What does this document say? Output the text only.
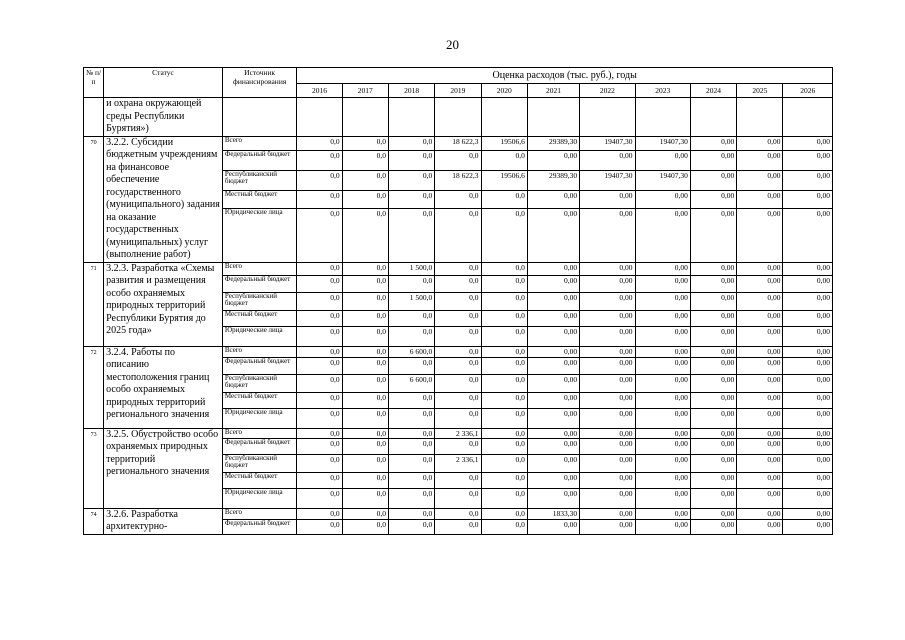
20
№ п/п	Статус	Источник финансирования	Оценка расходов (тыс. руб.), годы										
			2016	2017	2018	2019	2020	2021	2022	2023	2024	2025	2026
	и охрана окружающей среды Республики Бурятия»)												
70	3.2.2. Субсидии бюджетным учреждениям на финансовое обеспечение государственного (муниципального) задания на оказание государственных (муниципальных) услуг (выполнение работ)	Всего	0,0	0,0	0,0	18 622,3	19506,6	29389,30	19407,30	19407,30	0,00	0,00	0,00
		Федеральный бюджет	0,0	0,0	0,0	0,0	0,0	0,00	0,00	0,00	0,00	0,00	0,00
		Республиканский бюджет	0,0	0,0	0,0	18 622,3	19506,6	29389,30	19407,30	19407,30	0,00	0,00	0,00
		Местный бюджет	0,0	0,0	0,0	0,0	0,0	0,00	0,00	0,00	0,00	0,00	0,00
		Юридические лица	0,0	0,0	0,0	0,0	0,0	0,00	0,00	0,00	0,00	0,00	0,00
71	3.2.3. Разработка «Схемы развития и размещения особо охраняемых природных территорий Республики Бурятия до 2025 года»	Всего	0,0	0,0	1 500,0	0,0	0,0	0,00	0,00	0,00	0,00	0,00	0,00
		Федеральный бюджет	0,0	0,0	0,0	0,0	0,0	0,00	0,00	0,00	0,00	0,00	0,00
		Республиканский бюджет	0,0	0,0	1 500,0	0,0	0,0	0,00	0,00	0,00	0,00	0,00	0,00
		Местный бюджет	0,0	0,0	0,0	0,0	0,0	0,00	0,00	0,00	0,00	0,00	0,00
		Юридические лица	0,0	0,0	0,0	0,0	0,0	0,00	0,00	0,00	0,00	0,00	0,00
72	3.2.4. Работы по описанию местоположения границ особо охраняемых природных территорий регионального значения	Всего	0,0	0,0	6 600,0	0,0	0,0	0,00	0,00	0,00	0,00	0,00	0,00
		Федеральный бюджет	0,0	0,0	0,0	0,0	0,0	0,00	0,00	0,00	0,00	0,00	0,00
		Республиканский бюджет	0,0	0,0	6 600,0	0,0	0,0	0,00	0,00	0,00	0,00	0,00	0,00
		Местный бюджет	0,0	0,0	0,0	0,0	0,0	0,00	0,00	0,00	0,00	0,00	0,00
		Юридические лица	0,0	0,0	0,0	0,0	0,0	0,00	0,00	0,00	0,00	0,00	0,00
73	3.2.5. Обустройство особо охраняемых природных территорий регионального значения	Всего	0,0	0,0	0,0	2 336,1	0,0	0,00	0,00	0,00	0,00	0,00	0,00
		Федеральный бюджет	0,0	0,0	0,0	0,0	0,0	0,00	0,00	0,00	0,00	0,00	0,00
		Республиканский бюджет	0,0	0,0	0,0	2 336,1	0,0	0,00	0,00	0,00	0,00	0,00	0,00
		Местный бюджет	0,0	0,0	0,0	0,0	0,0	0,00	0,00	0,00	0,00	0,00	0,00
		Юридические лица	0,0	0,0	0,0	0,0	0,0	0,00	0,00	0,00	0,00	0,00	0,00
74	3.2.6. Разработка архитектурно-	Всего	0,0	0,0	0,0	0,0	0,0	1833,30	0,00	0,00	0,00	0,00	0,00
		Федеральный бюджет	0,0	0,0	0,0	0,0	0,0	0,00	0,00	0,00	0,00	0,00	0,00
